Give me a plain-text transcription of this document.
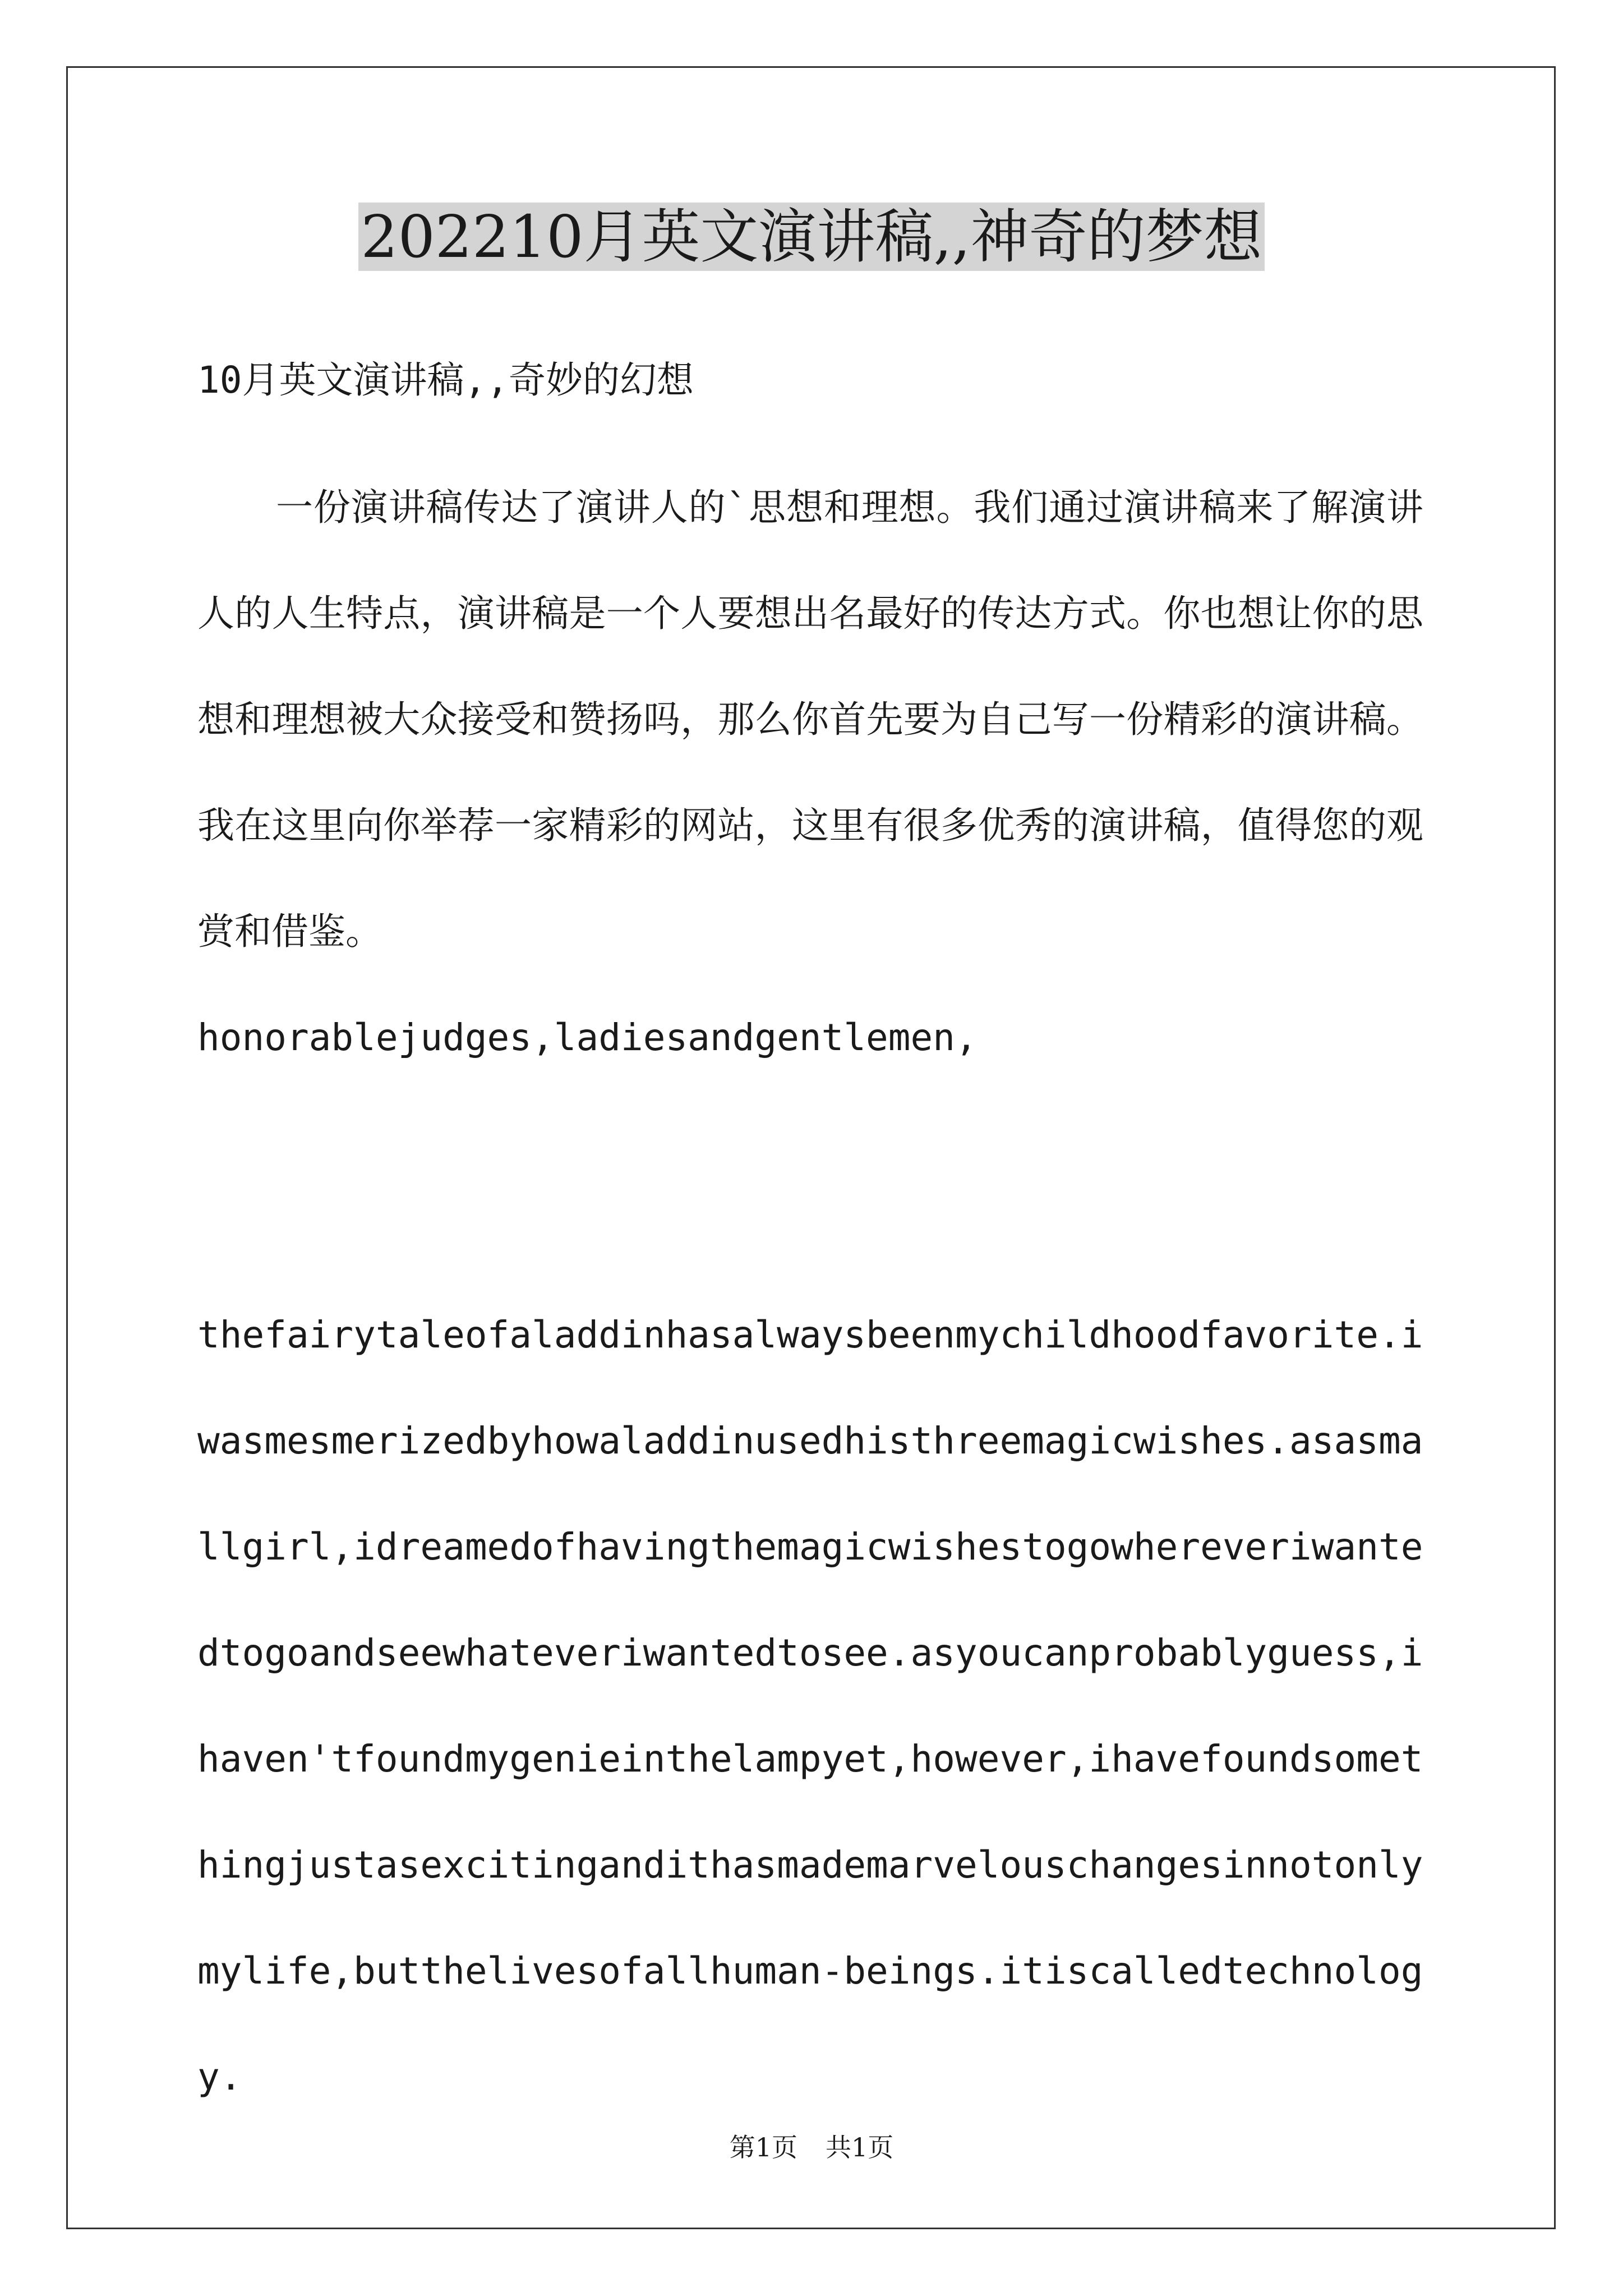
202210月英文演讲稿,,神奇的梦想

10月英文演讲稿,,奇妙的幻想

一份演讲稿传达了演讲人的`思想和理想。我们通过演讲稿来了解演讲人的人生特点，演讲稿是一个人要想出名最好的传达方式。你也想让你的思想和理想被大众接受和赞扬吗，那么你首先要为自己写一份精彩的演讲稿。我在这里向你举荐一家精彩的网站，这里有很多优秀的演讲稿，值得您的观赏和借鉴。

honorablejudges,ladiesandgentlemen,

thefairytaleofaladdinhasalwaysbeenmychildhoodfavorite.iwasmesmerizedbyhowaladdinusedhisthreemagicwishes.asasmallgirl,idreamedofhavingthemagicwishestogowhereveriwantedtogoandseewhateveriwantedtosee.asyoucanprobablyguess,ihaven'tfoundmygenieinthelampyet,however,ihavefoundsomethingjustasexcitingandithasmademarvelouschangesinnotonlymylife,butthelivesofallhuman-beings.itiscalledtechnology.

第1页 共1页
